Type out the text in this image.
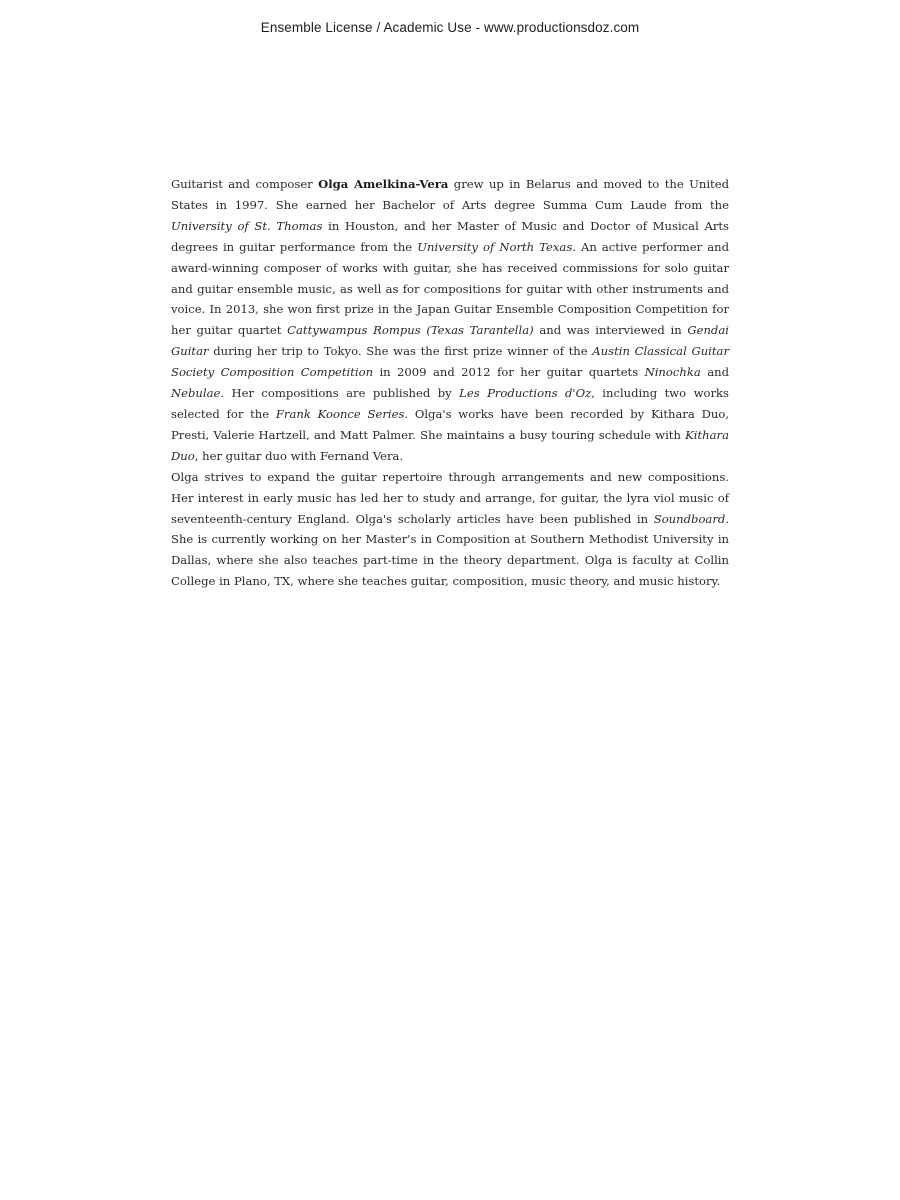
Ensemble License / Academic Use - www.productionsdoz.com

Guitarist and composer Olga Amelkina-Vera grew up in Belarus and moved to the United States in 1997. She earned her Bachelor of Arts degree Summa Cum Laude from the University of St. Thomas in Houston, and her Master of Music and Doctor of Musical Arts degrees in guitar performance from the University of North Texas. An active performer and award-winning composer of works with guitar, she has received commissions for solo guitar and guitar ensemble music, as well as for compositions for guitar with other instruments and voice. In 2013, she won first prize in the Japan Guitar Ensemble Composition Competition for her guitar quartet Cattywampus Rompus (Texas Tarantella) and was interviewed in Gendai Guitar during her trip to Tokyo. She was the first prize winner of the Austin Classical Guitar Society Composition Competition in 2009 and 2012 for her guitar quartets Ninochka and Nebulae. Her compositions are published by Les Productions d'Oz, including two works selected for the Frank Koonce Series. Olga's works have been recorded by Kithara Duo, Presti, Valerie Hartzell, and Matt Palmer. She maintains a busy touring schedule with Kithara Duo, her guitar duo with Fernand Vera.

Olga strives to expand the guitar repertoire through arrangements and new compositions. Her interest in early music has led her to study and arrange, for guitar, the lyra viol music of seventeenth-century England. Olga's scholarly articles have been published in Soundboard. She is currently working on her Master's in Composition at Southern Methodist University in Dallas, where she also teaches part-time in the theory department. Olga is faculty at Collin College in Plano, TX, where she teaches guitar, composition, music theory, and music history.
